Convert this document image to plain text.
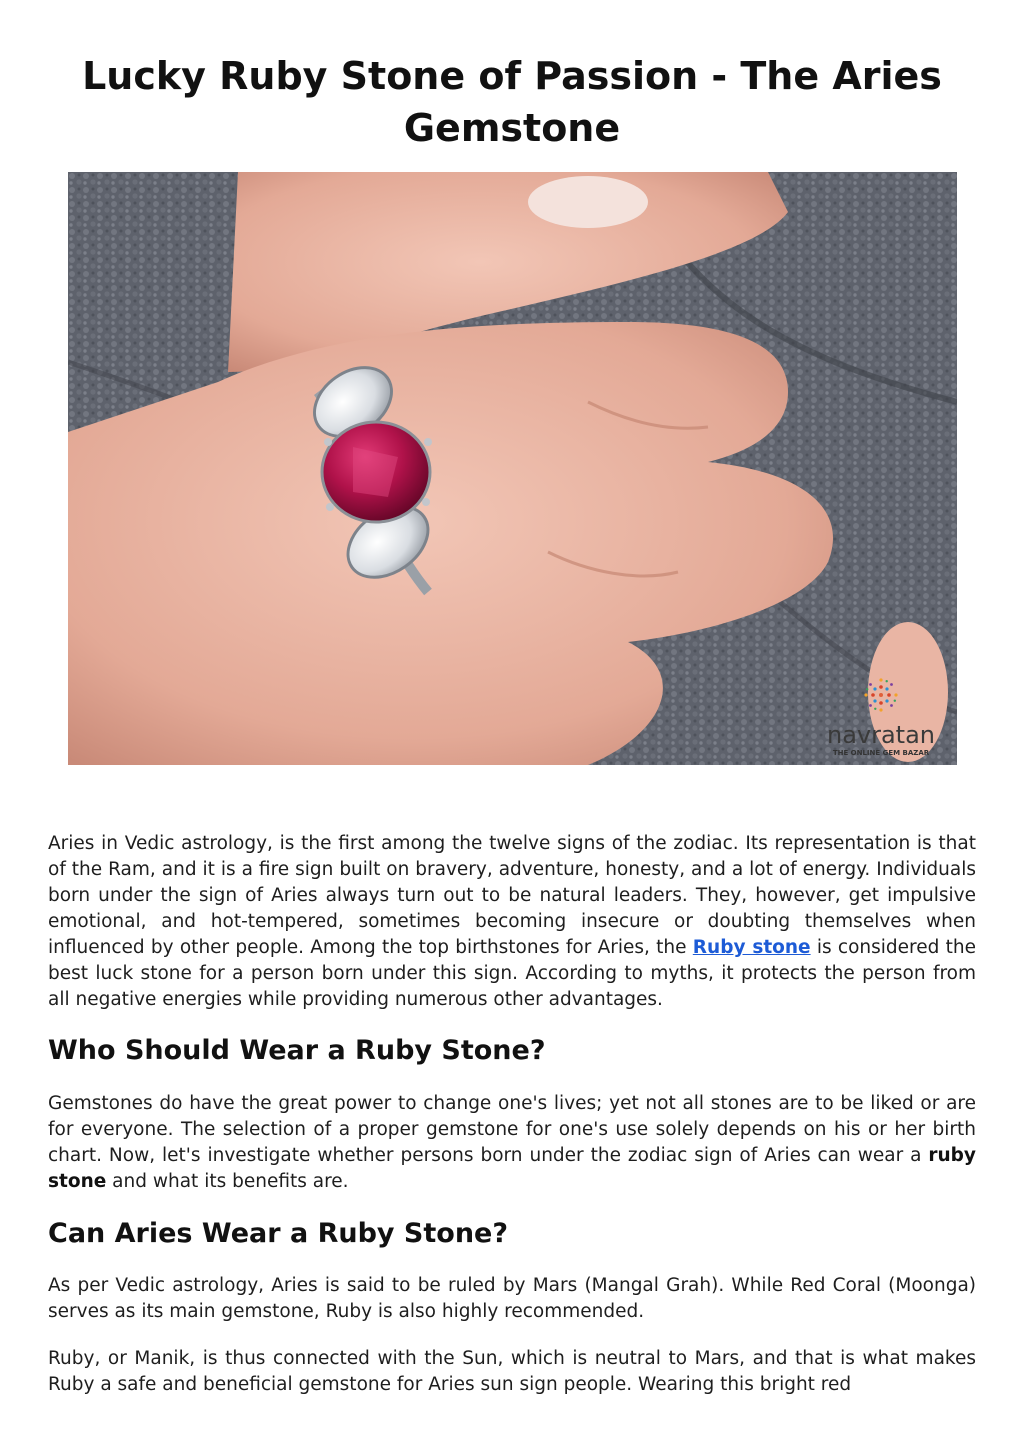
Lucky Ruby Stone of Passion - The Aries Gemstone
navratan
THE ONLINE GEM BAZAR

Aries in Vedic astrology, is the first among the twelve signs of the zodiac. Its representation is that of the Ram, and it is a fire sign built on bravery, adventure, honesty, and a lot of energy. Individuals born under the sign of Aries always turn out to be natural leaders. They, however, get impulsive emotional, and hot-tempered, sometimes becoming insecure or doubting themselves when influenced by other people. Among the top birthstones for Aries, the Ruby stone is considered the best luck stone for a person born under this sign. According to myths, it protects the person from all negative energies while providing numerous other advantages.

Who Should Wear a Ruby Stone?

Gemstones do have the great power to change one's lives; yet not all stones are to be liked or are for everyone. The selection of a proper gemstone for one's use solely depends on his or her birth chart. Now, let's investigate whether persons born under the zodiac sign of Aries can wear a ruby stone and what its benefits are.

Can Aries Wear a Ruby Stone?

As per Vedic astrology, Aries is said to be ruled by Mars (Mangal Grah). While Red Coral (Moonga) serves as its main gemstone, Ruby is also highly recommended.

Ruby, or Manik, is thus connected with the Sun, which is neutral to Mars, and that is what makes Ruby a safe and beneficial gemstone for Aries sun sign people. Wearing this bright red
